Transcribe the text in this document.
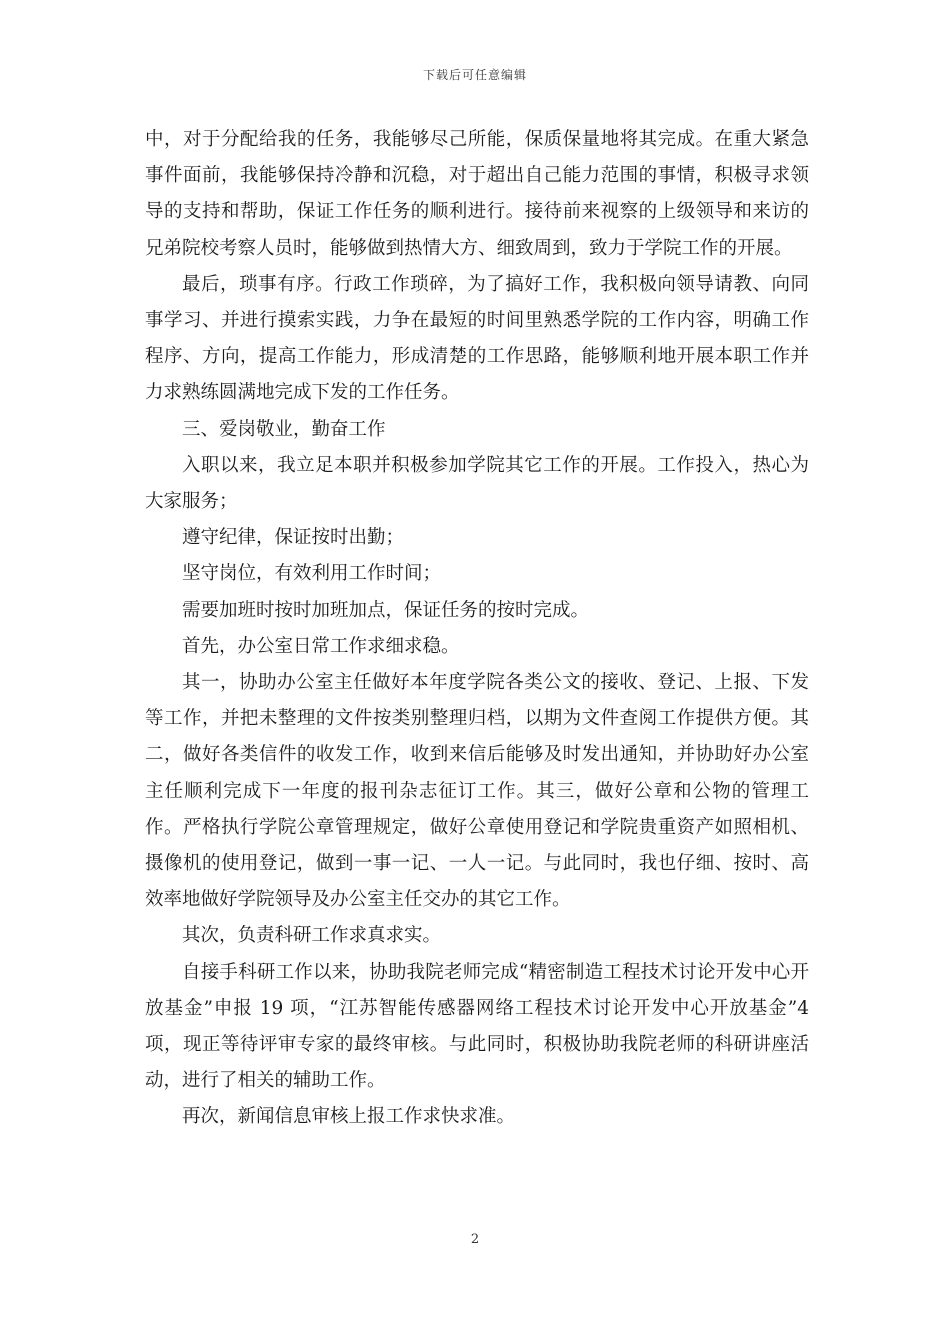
下载后可任意编辑

中，对于分配给我的任务，我能够尽己所能，保质保量地将其完成。在重大紧急事件面前，我能够保持冷静和沉稳，对于超出自己能力范围的事情，积极寻求领导的支持和帮助，保证工作任务的顺利进行。接待前来视察的上级领导和来访的兄弟院校考察人员时，能够做到热情大方、细致周到，致力于学院工作的开展。

最后，琐事有序。行政工作琐碎，为了搞好工作，我积极向领导请教、向同事学习、并进行摸索实践，力争在最短的时间里熟悉学院的工作内容，明确工作程序、方向，提高工作能力，形成清楚的工作思路，能够顺利地开展本职工作并力求熟练圆满地完成下发的工作任务。

三、爱岗敬业，勤奋工作

入职以来，我立足本职并积极参加学院其它工作的开展。工作投入，热心为大家服务；

遵守纪律，保证按时出勤；

坚守岗位，有效利用工作时间；

需要加班时按时加班加点，保证任务的按时完成。

首先，办公室日常工作求细求稳。

其一，协助办公室主任做好本年度学院各类公文的接收、登记、上报、下发等工作，并把未整理的文件按类别整理归档，以期为文件查阅工作提供方便。其二，做好各类信件的收发工作，收到来信后能够及时发出通知，并协助好办公室主任顺利完成下一年度的报刊杂志征订工作。其三，做好公章和公物的管理工作。严格执行学院公章管理规定，做好公章使用登记和学院贵重资产如照相机、摄像机的使用登记，做到一事一记、一人一记。与此同时，我也仔细、按时、高效率地做好学院领导及办公室主任交办的其它工作。

其次，负责科研工作求真求实。

自接手科研工作以来，协助我院老师完成“精密制造工程技术讨论开发中心开放基金”申报 19 项，“江苏智能传感器网络工程技术讨论开发中心开放基金”4 项，现正等待评审专家的最终审核。与此同时，积极协助我院老师的科研讲座活动，进行了相关的辅助工作。

再次，新闻信息审核上报工作求快求准。

2
